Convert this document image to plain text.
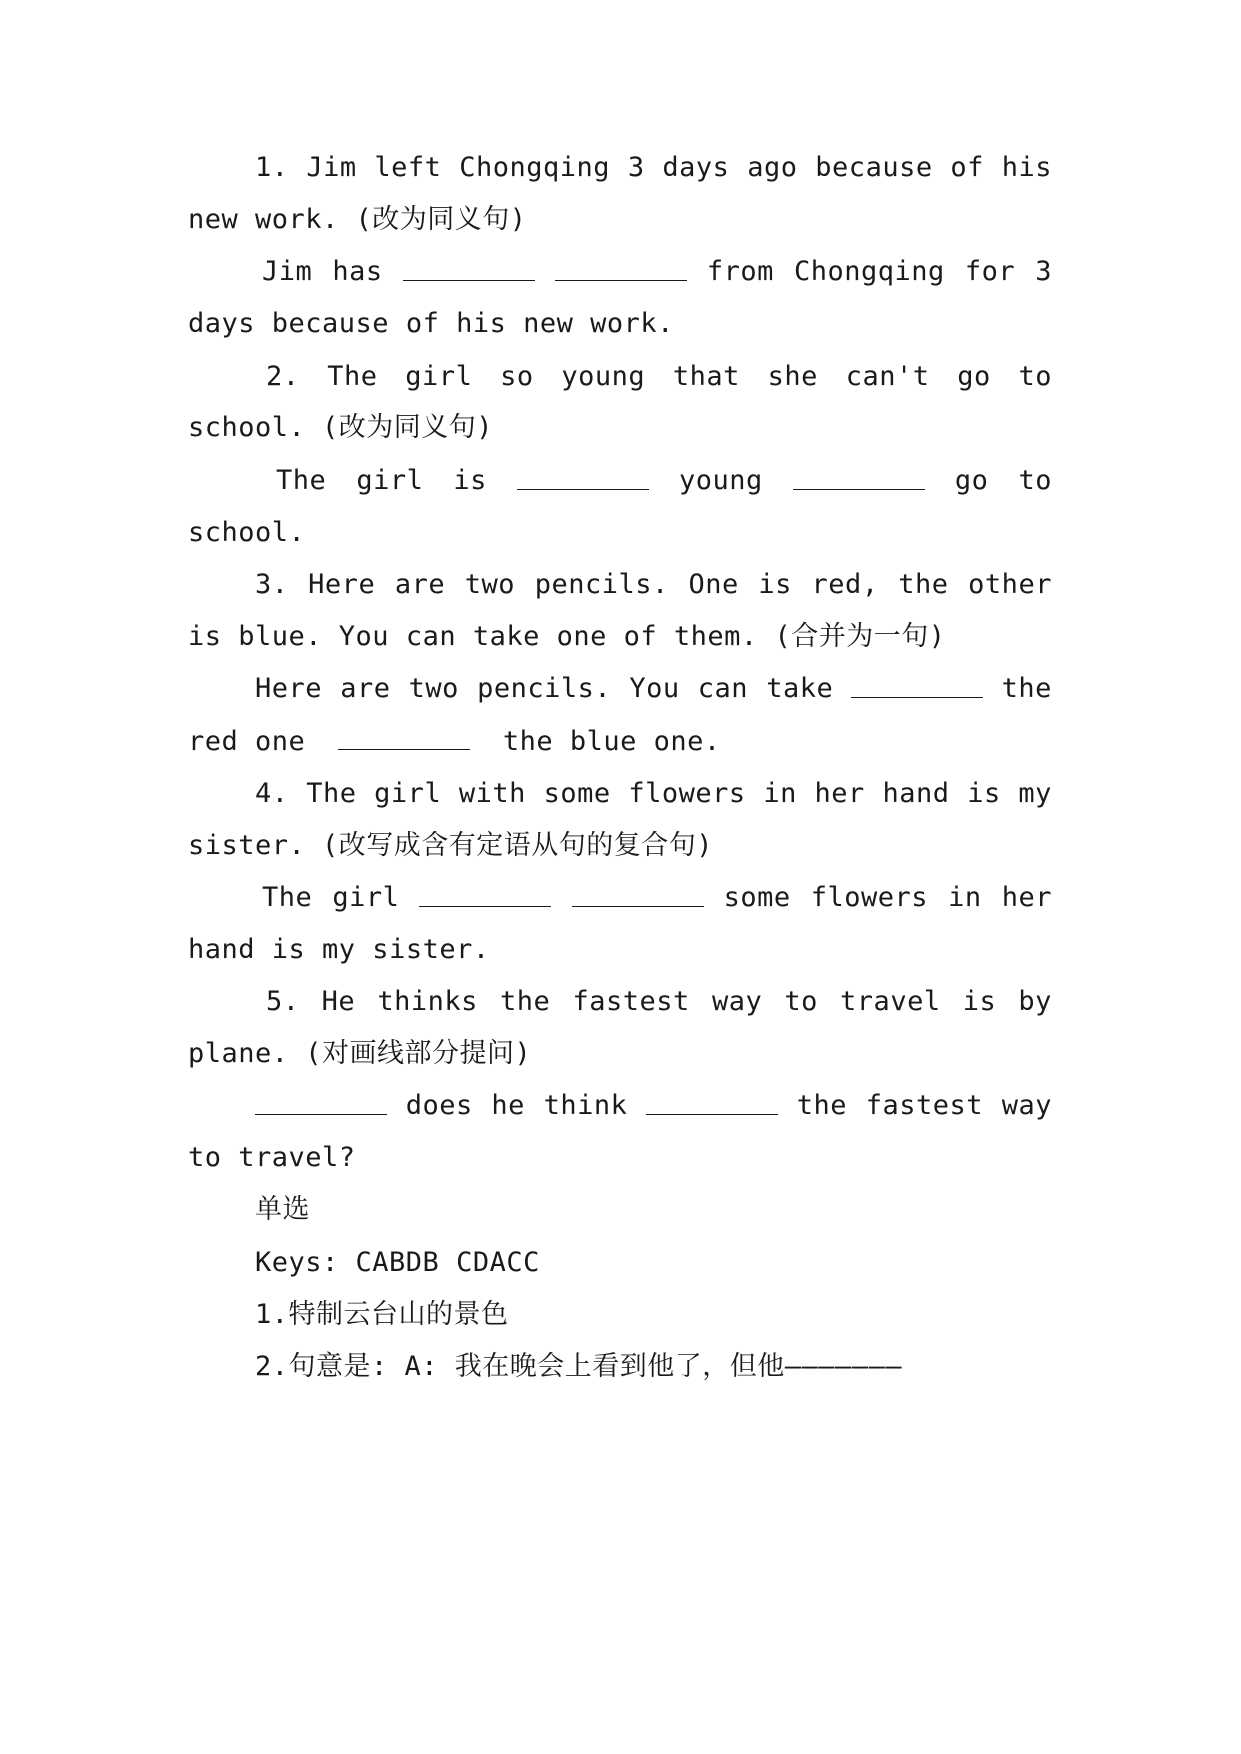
1. Jim left Chongqing 3 days ago because of his
new work. (改为同义句)
Jim has	from Chongqing for 3
days because of his new work.
2. The girl so young that she can't go to
school. (改为同义句)
The girl is	young	go to
school.
3. Here are two pencils. One is red, the other
is blue. You can take one of them. (合并为一句)
Here are two pencils. You can take	the
red one	the blue one.
4. The girl with some flowers in her hand is my
sister. (改写成含有定语从句的复合句)
The girl	some flowers in her
hand is my sister.
5. He thinks the fastest way to travel is by
plane. (对画线部分提问)
does he think	the fastest way
to travel?
单选
Keys: CABDB CDACC
1.特制云台山的景色
2.句意是: A: 我在晚会上看到他了，但他———————
